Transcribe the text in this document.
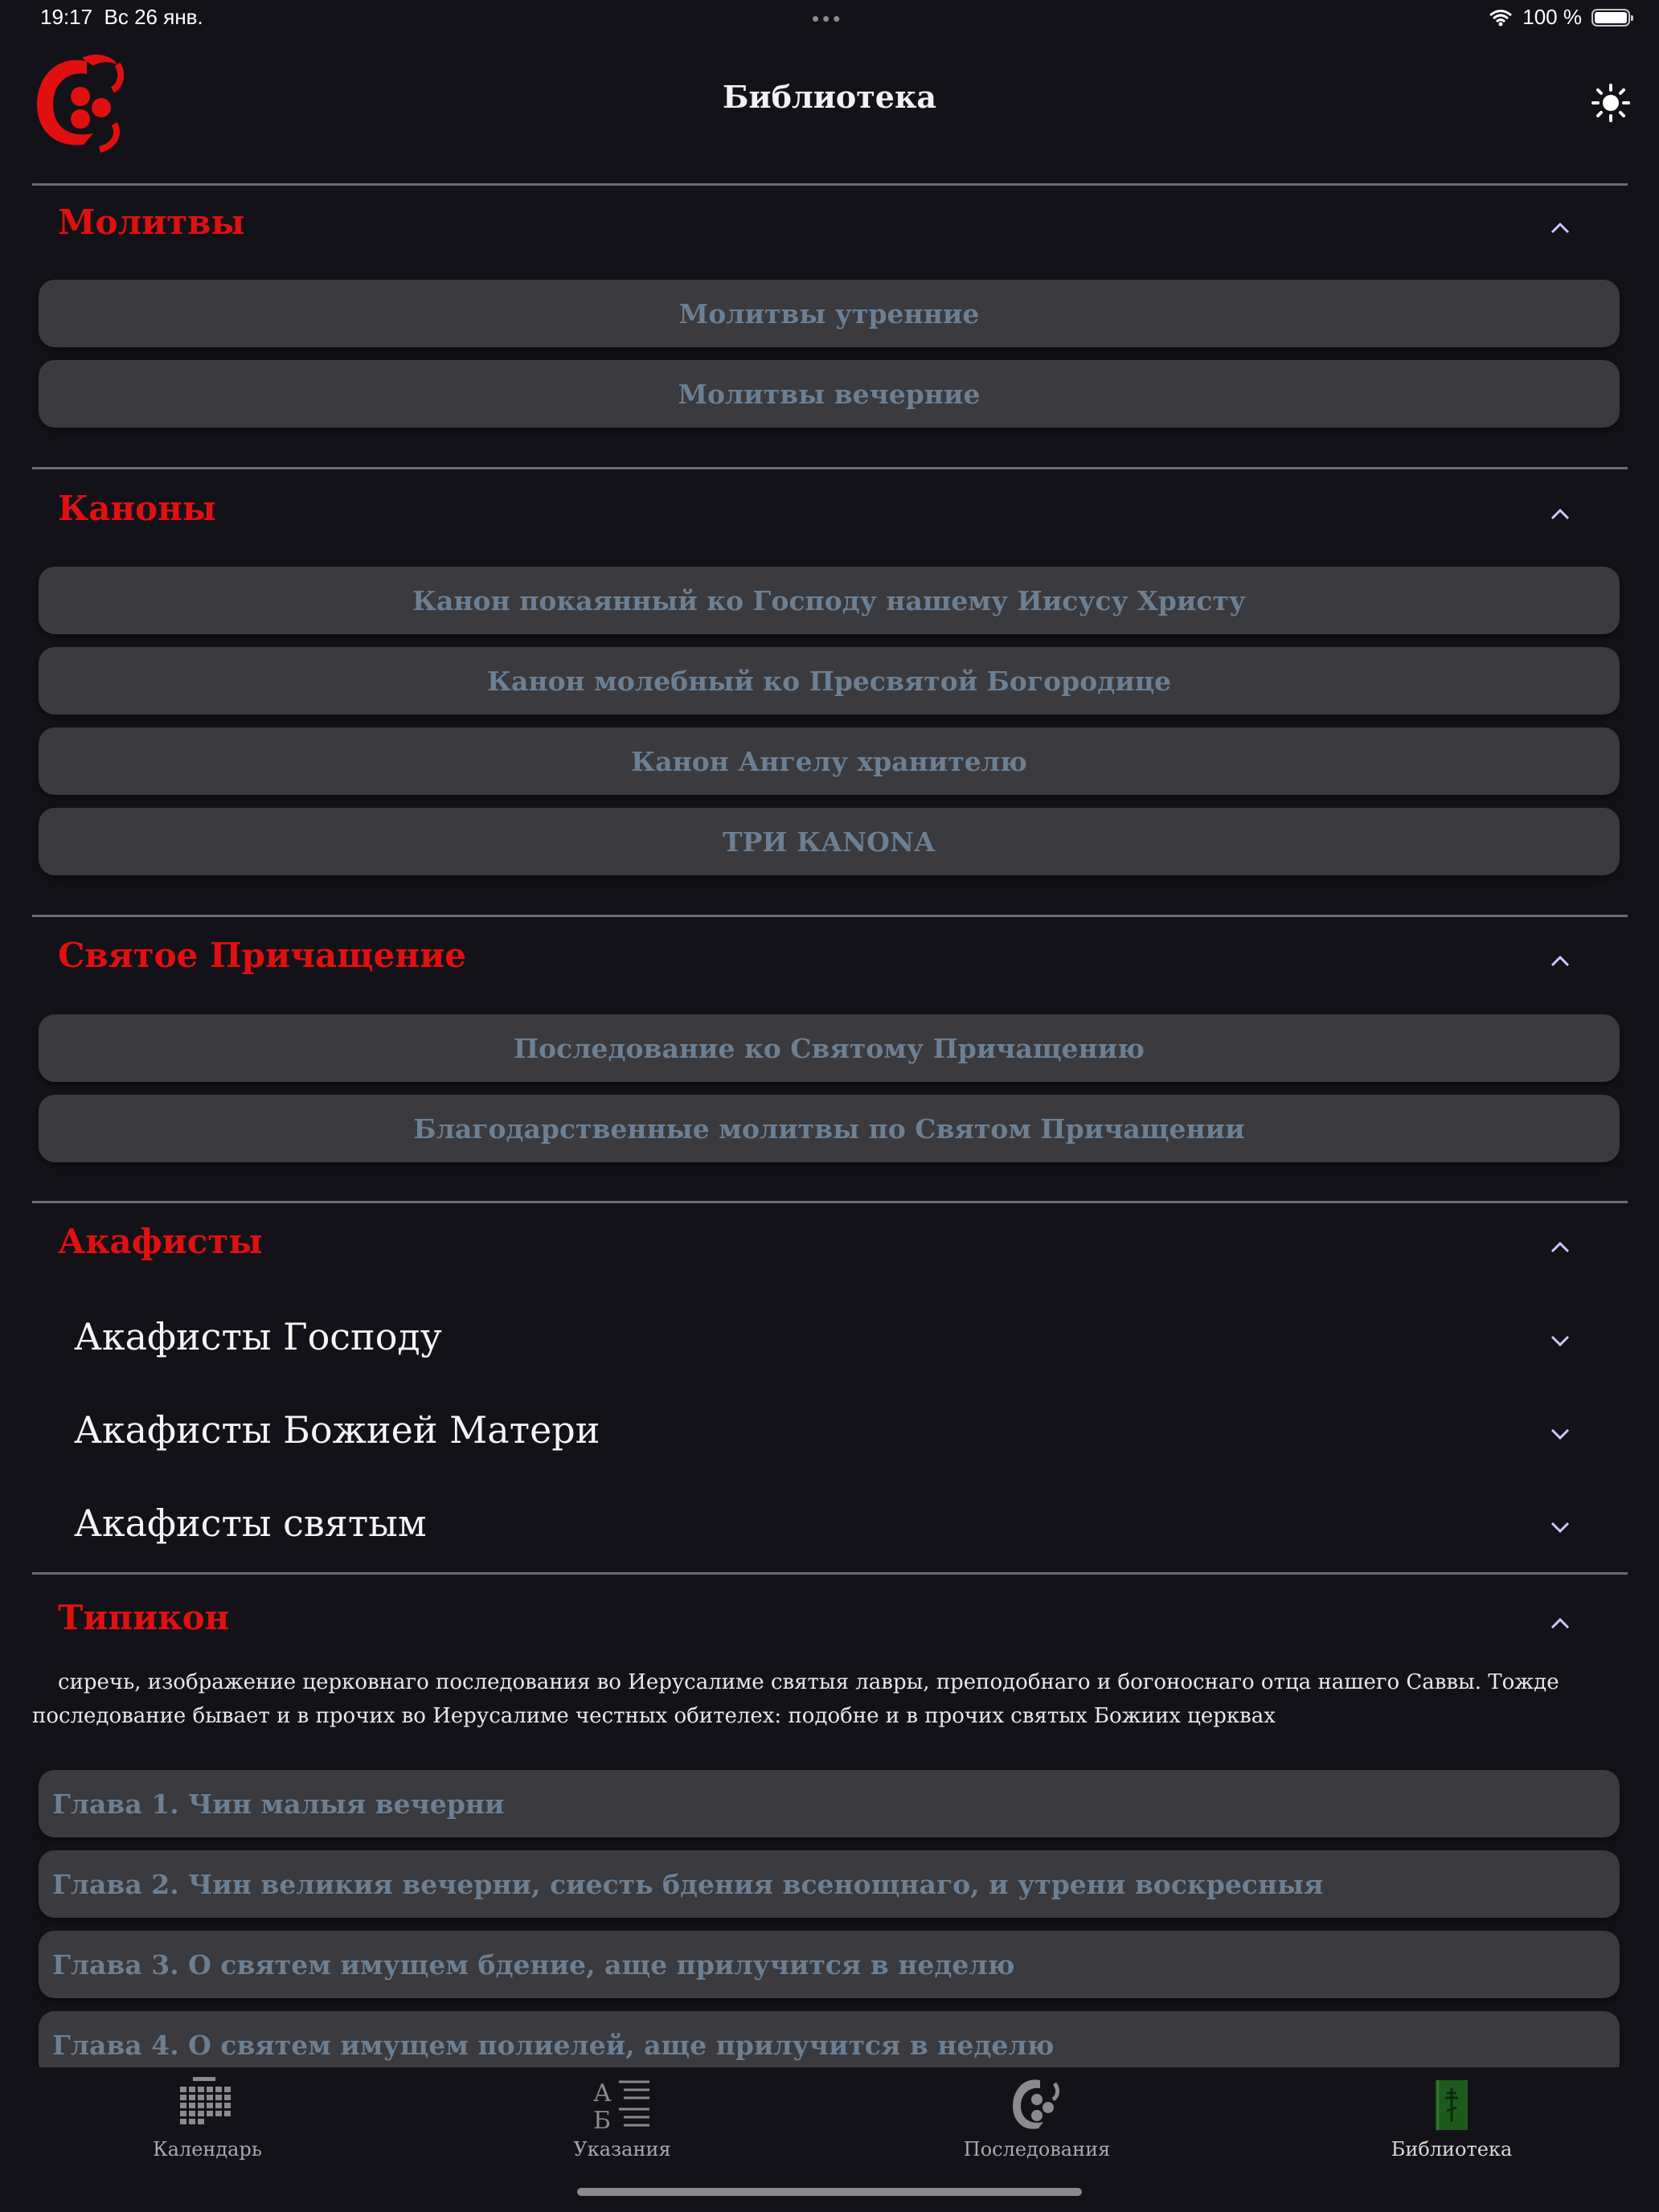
19:17 Вс 26 янв.	•••	100 %
Библиотека
Молитвы
Молитвы утренние
Молитвы вечерние
Каноны
Канон покаянный ко Господу нашему Иисусу Христу
Канон молебный ко Пресвятой Богородице
Канон Ангелу хранителю
ТРИ КАNONА
Святое Причащение
Последование ко Святому Причащению
Благодарственные молитвы по Святом Причащении
Акафисты
Акафисты Господу
Акафисты Божией Матери
Акафисты святым
Типикон
сиречь, изображение церковнаго последования во Иерусалиме святыя лавры, преподобнаго и богоноснаго отца нашего Саввы. Тожде последование бывает и в прочих во Иерусалиме честных обителех: подобне и в прочих святых Божиих церквах
Глава 1. Чин малыя вечерни
Глава 2. Чин великия вечерни, сиесть бдения всенощнаго, и утрени воскресныя
Глава 3. О святем имущем бдение, аще прилучится в неделю
Глава 4. О святем имущем полиелей, аще прилучится в неделю
Календарь
А
Б
Указания	Последования	Библиотека
